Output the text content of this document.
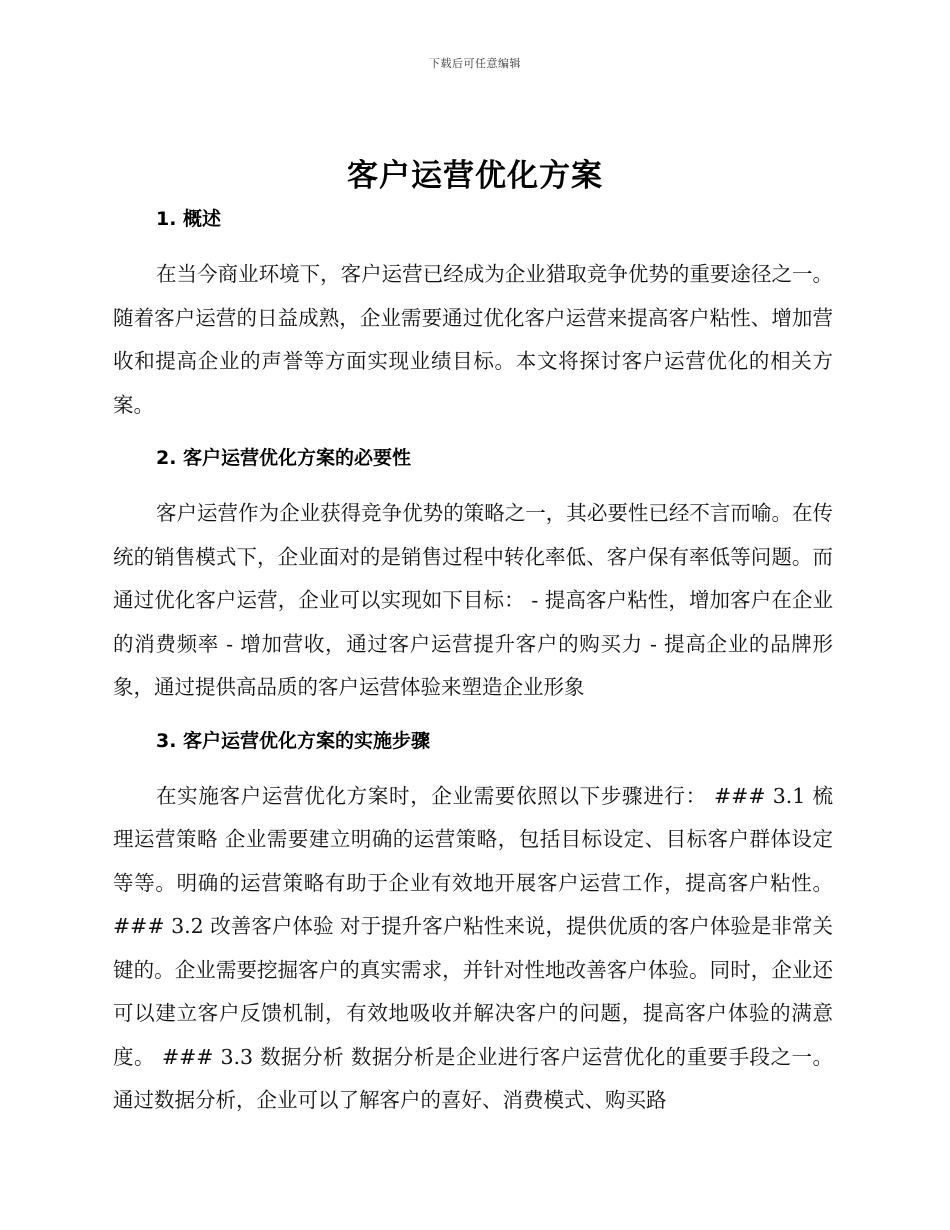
下载后可任意编辑
客户运营优化方案
1. 概述

在当今商业环境下，客户运营已经成为企业猎取竞争优势的重要途径之一。随着客户运营的日益成熟，企业需要通过优化客户运营来提高客户粘性、增加营收和提高企业的声誉等方面实现业绩目标。本文将探讨客户运营优化的相关方案。

2. 客户运营优化方案的必要性

客户运营作为企业获得竞争优势的策略之一，其必要性已经不言而喻。在传统的销售模式下，企业面对的是销售过程中转化率低、客户保有率低等问题。而通过优化客户运营，企业可以实现如下目标： - 提高客户粘性，增加客户在企业的消费频率 - 增加营收，通过客户运营提升客户的购买力 - 提高企业的品牌形象，通过提供高品质的客户运营体验来塑造企业形象

3. 客户运营优化方案的实施步骤

在实施客户运营优化方案时，企业需要依照以下步骤进行： ### 3.1 梳理运营策略 企业需要建立明确的运营策略，包括目标设定、目标客户群体设定等等。明确的运营策略有助于企业有效地开展客户运营工作，提高客户粘性。 ### 3.2 改善客户体验 对于提升客户粘性来说，提供优质的客户体验是非常关键的。企业需要挖掘客户的真实需求，并针对性地改善客户体验。同时，企业还可以建立客户反馈机制，有效地吸收并解决客户的问题，提高客户体验的满意度。 ### 3.3 数据分析 数据分析是企业进行客户运营优化的重要手段之一。通过数据分析，企业可以了解客户的喜好、消费模式、购买路
